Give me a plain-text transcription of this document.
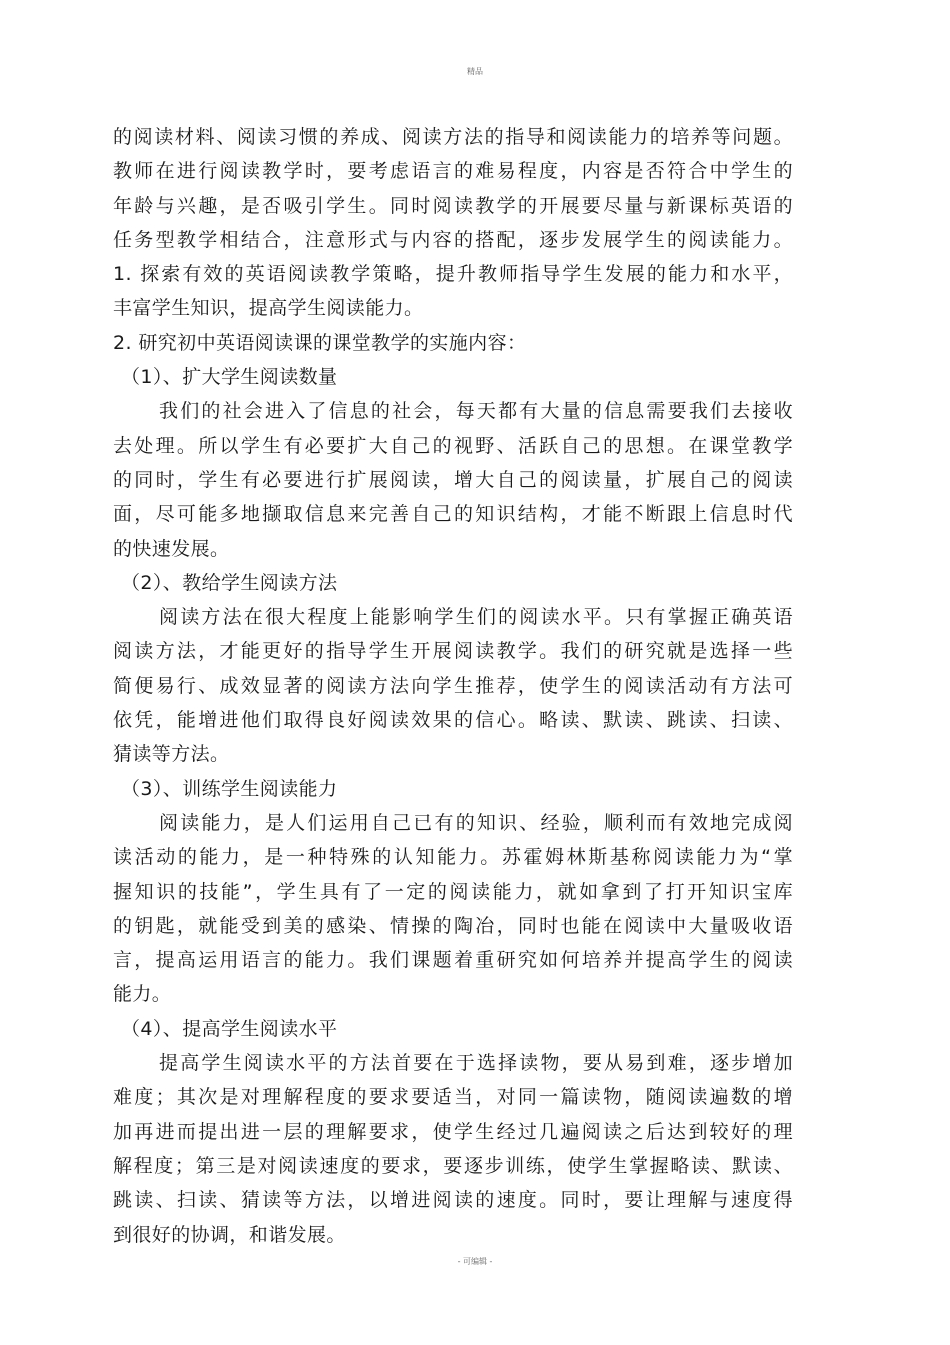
精品

的阅读材料、阅读习惯的养成、阅读方法的指导和阅读能力的培养等问题。

教师在进行阅读教学时，要考虑语言的难易程度，内容是否符合中学生的

年龄与兴趣，是否吸引学生。同时阅读教学的开展要尽量与新课标英语的

任务型教学相结合，注意形式与内容的搭配，逐步发展学生的阅读能力。

1. 探索有效的英语阅读教学策略，提升教师指导学生发展的能力和水平，

丰富学生知识，提高学生阅读能力。

2. 研究初中英语阅读课的课堂教学的实施内容：

（1）、扩大学生阅读数量

我们的社会进入了信息的社会，每天都有大量的信息需要我们去接收

去处理。所以学生有必要扩大自己的视野、活跃自己的思想。在课堂教学

的同时，学生有必要进行扩展阅读，增大自己的阅读量，扩展自己的阅读

面，尽可能多地撷取信息来完善自己的知识结构，才能不断跟上信息时代

的快速发展。

（2）、教给学生阅读方法

阅读方法在很大程度上能影响学生们的阅读水平。只有掌握正确英语

阅读方法，才能更好的指导学生开展阅读教学。我们的研究就是选择一些

简便易行、成效显著的阅读方法向学生推荐，使学生的阅读活动有方法可

依凭，能增进他们取得良好阅读效果的信心。略读、默读、跳读、扫读、

猜读等方法。

（3）、训练学生阅读能力

阅读能力，是人们运用自己已有的知识、经验，顺利而有效地完成阅

读活动的能力，是一种特殊的认知能力。苏霍姆林斯基称阅读能力为“掌

握知识的技能”，学生具有了一定的阅读能力，就如拿到了打开知识宝库

的钥匙，就能受到美的感染、情操的陶冶，同时也能在阅读中大量吸收语

言，提高运用语言的能力。我们课题着重研究如何培养并提高学生的阅读

能力。

（4）、提高学生阅读水平

提高学生阅读水平的方法首要在于选择读物，要从易到难，逐步增加

难度；其次是对理解程度的要求要适当，对同一篇读物，随阅读遍数的增

加再进而提出进一层的理解要求，使学生经过几遍阅读之后达到较好的理

解程度；第三是对阅读速度的要求，要逐步训练，使学生掌握略读、默读、

跳读、扫读、猜读等方法，以增进阅读的速度。同时，要让理解与速度得

到很好的协调，和谐发展。

- 可编辑 -
